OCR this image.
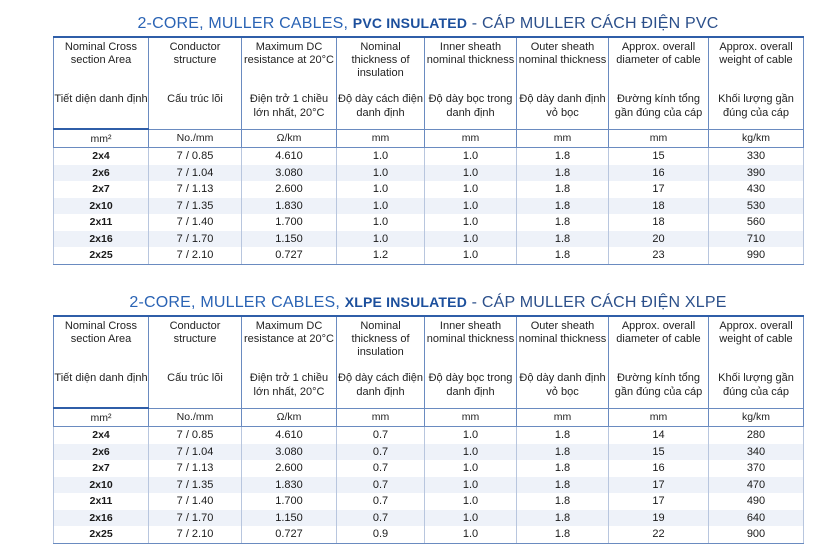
2-CORE, MULLER CABLES, PVC INSULATED - CÁP MULLER CÁCH ĐIỆN PVC
Nominal Cross section Area	Conductor structure	Maximum DC resistance at 20°C	Nominal thickness of insulation	Inner sheath nominal thickness	Outer sheath nominal thickness	Approx. overall diameter of cable	Approx. overall weight of cable
Tiết diện danh định	Cấu trúc lõi	Điện trở 1 chiều lớn nhất, 20°C	Độ dày cách điện danh định	Độ dày bọc trong danh định	Độ dày danh định vỏ bọc	Đường kính tổng gần đúng của cáp	Khối lượng gần đúng của cáp
mm²	No./mm	Ω/km	mm	mm	mm	mm	kg/km
2x4	7 / 0.85	4.610	1.0	1.0	1.8	15	330
2x6	7 / 1.04	3.080	1.0	1.0	1.8	16	390
2x7	7 / 1.13	2.600	1.0	1.0	1.8	17	430
2x10	7 / 1.35	1.830	1.0	1.0	1.8	18	530
2x11	7 / 1.40	1.700	1.0	1.0	1.8	18	560
2x16	7 / 1.70	1.150	1.0	1.0	1.8	20	710
2x25	7 / 2.10	0.727	1.2	1.0	1.8	23	990
2-CORE, MULLER CABLES, XLPE INSULATED - CÁP MULLER CÁCH ĐIỆN XLPE
Nominal Cross section Area	Conductor structure	Maximum DC resistance at 20°C	Nominal thickness of insulation	Inner sheath nominal thickness	Outer sheath nominal thickness	Approx. overall diameter of cable	Approx. overall weight of cable
Tiết diện danh định	Cấu trúc lõi	Điện trở 1 chiều lớn nhất, 20°C	Độ dày cách điện danh định	Độ dày bọc trong danh định	Độ dày danh định vỏ bọc	Đường kính tổng gần đúng của cáp	Khối lượng gần đúng của cáp
mm²	No./mm	Ω/km	mm	mm	mm	mm	kg/km
2x4	7 / 0.85	4.610	0.7	1.0	1.8	14	280
2x6	7 / 1.04	3.080	0.7	1.0	1.8	15	340
2x7	7 / 1.13	2.600	0.7	1.0	1.8	16	370
2x10	7 / 1.35	1.830	0.7	1.0	1.8	17	470
2x11	7 / 1.40	1.700	0.7	1.0	1.8	17	490
2x16	7 / 1.70	1.150	0.7	1.0	1.8	19	640
2x25	7 / 2.10	0.727	0.9	1.0	1.8	22	900
